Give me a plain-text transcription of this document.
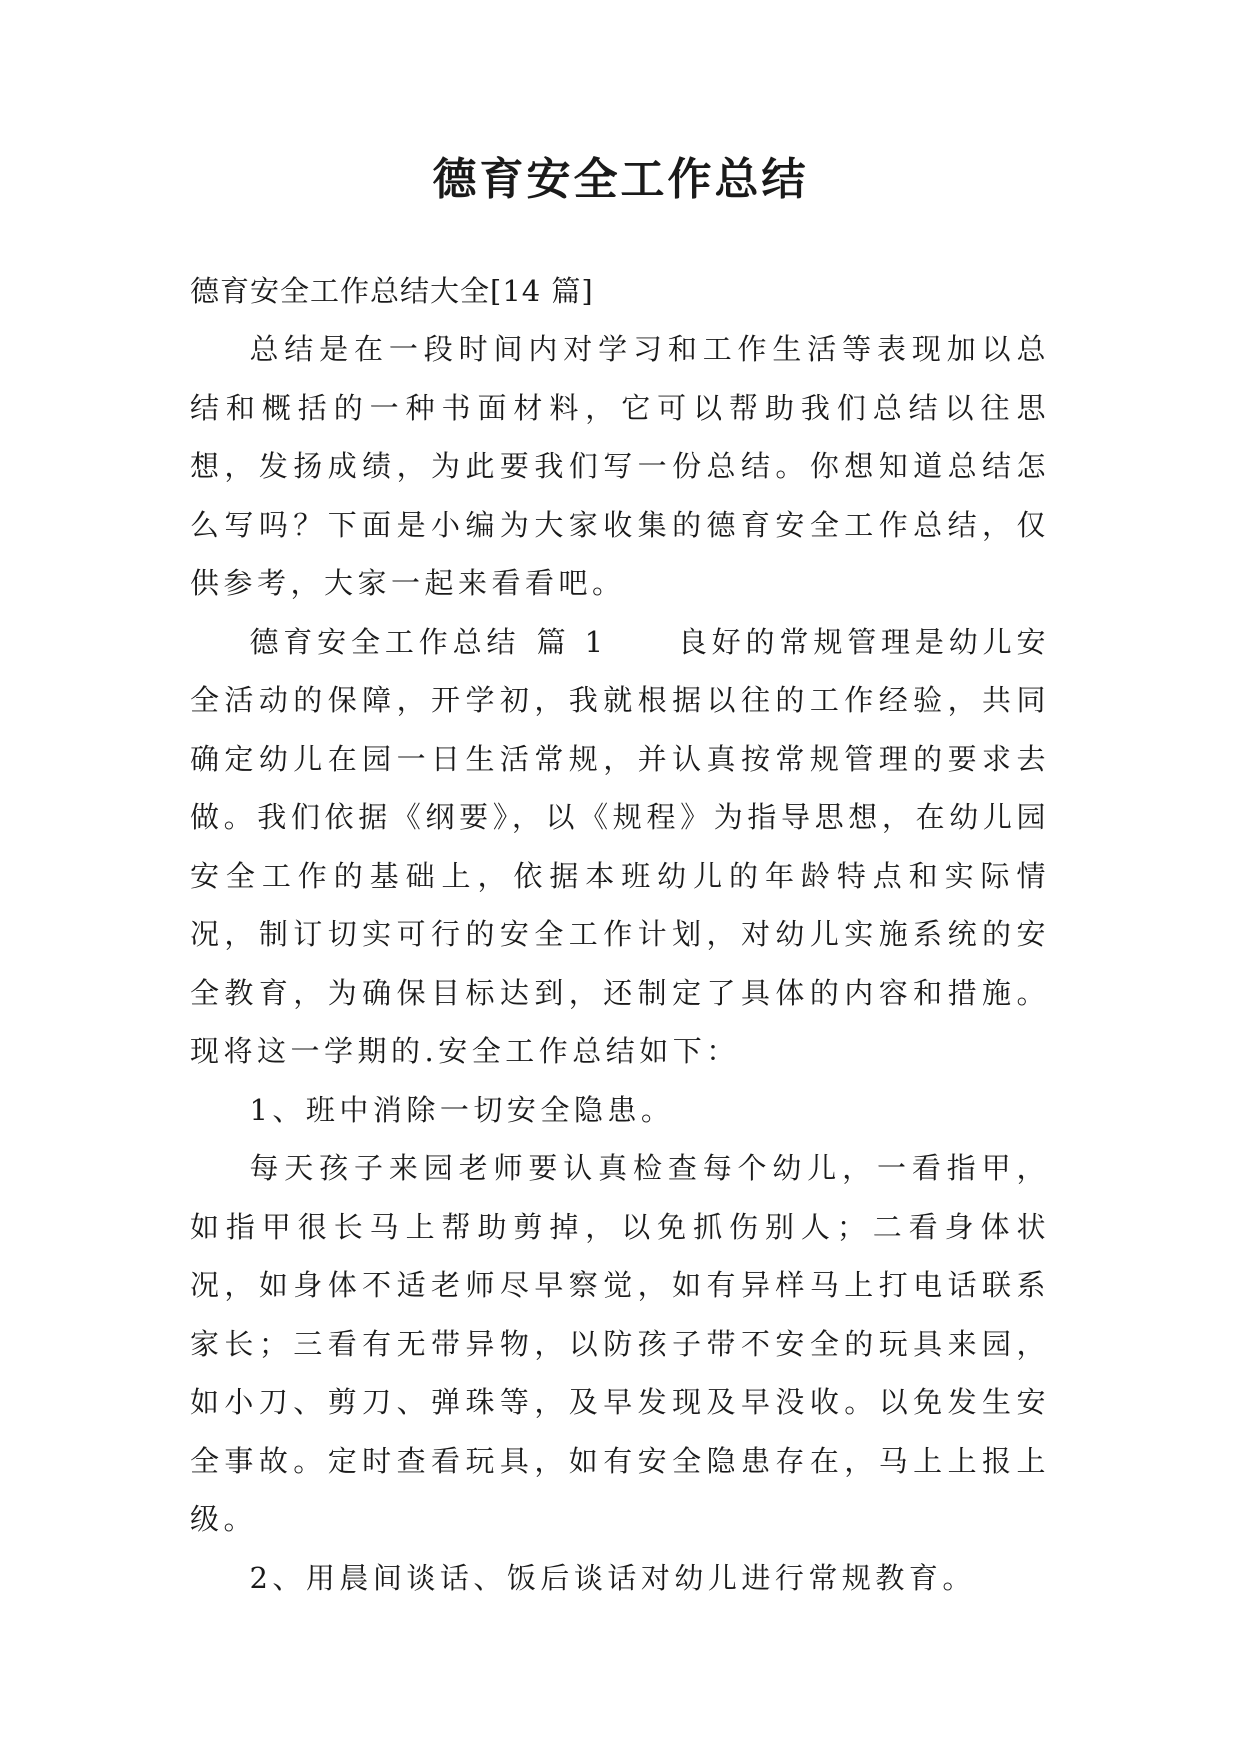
德育安全工作总结

德育安全工作总结大全[14 篇]

总结是在一段时间内对学习和工作生活等表现加以总结和概括的一种书面材料，它可以帮助我们总结以往思想，发扬成绩，为此要我们写一份总结。你想知道总结怎么写吗？下面是小编为大家收集的德育安全工作总结，仅供参考，大家一起来看看吧。

德育安全工作总结 篇 1 良好的常规管理是幼儿安全活动的保障，开学初，我就根据以往的工作经验，共同确定幼儿在园一日生活常规，并认真按常规管理的要求去做。我们依据《纲要》，以《规程》为指导思想，在幼儿园安全工作的基础上，依据本班幼儿的年龄特点和实际情况，制订切实可行的安全工作计划，对幼儿实施系统的安全教育，为确保目标达到，还制定了具体的内容和措施。现将这一学期的.安全工作总结如下：

1、班中消除一切安全隐患。

每天孩子来园老师要认真检查每个幼儿，一看指甲，如指甲很长马上帮助剪掉，以免抓伤别人；二看身体状况，如身体不适老师尽早察觉，如有异样马上打电话联系家长；三看有无带异物，以防孩子带不安全的玩具来园，如小刀、剪刀、弹珠等，及早发现及早没收。以免发生安全事故。定时查看玩具，如有安全隐患存在，马上上报上级。

2、用晨间谈话、饭后谈话对幼儿进行常规教育。
